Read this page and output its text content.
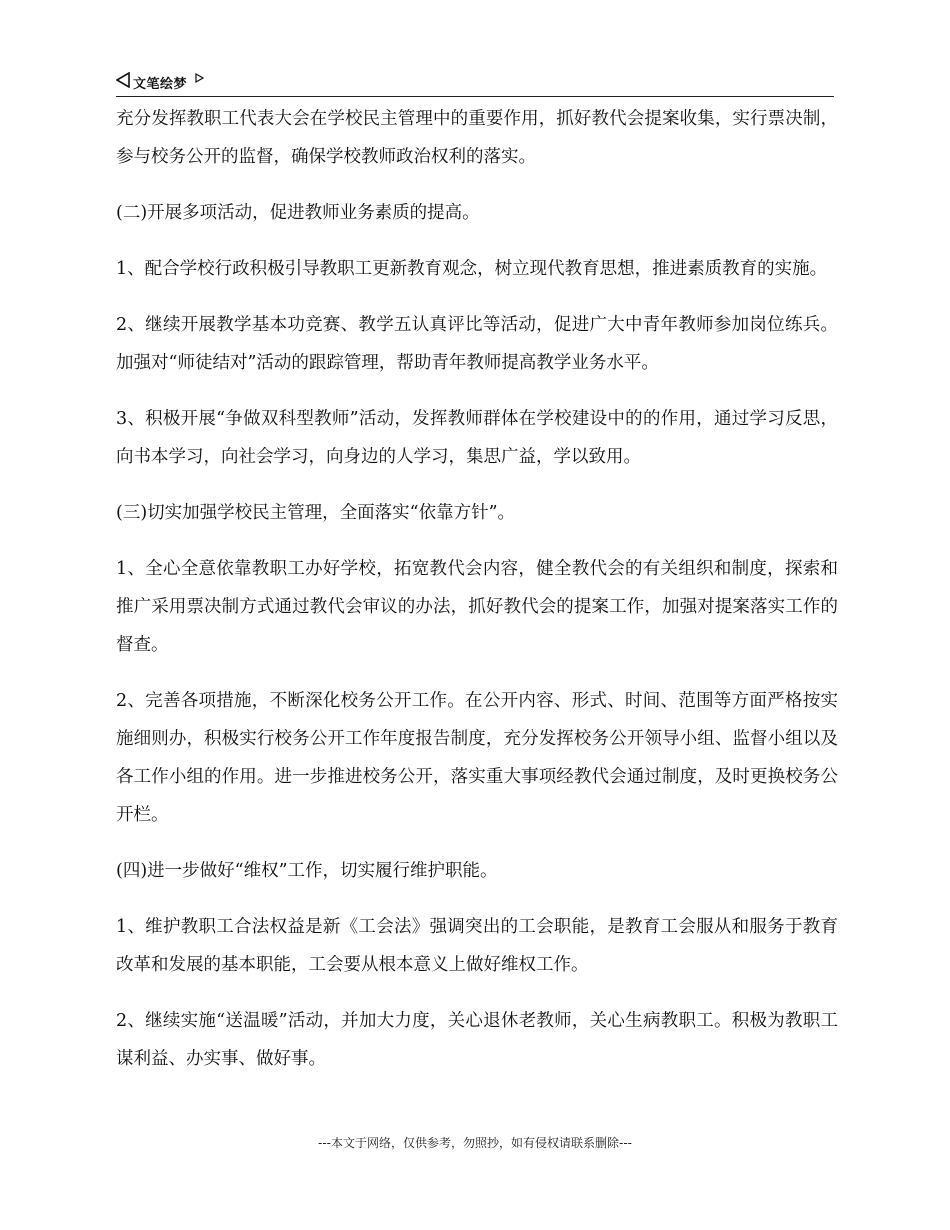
文笔绘梦

充分发挥教职工代表大会在学校民主管理中的重要作用，抓好教代会提案收集，实行票决制，参与校务公开的监督，确保学校教师政治权利的落实。

(二)开展多项活动，促进教师业务素质的提高。

1、配合学校行政积极引导教职工更新教育观念，树立现代教育思想，推进素质教育的实施。

2、继续开展教学基本功竞赛、教学五认真评比等活动，促进广大中青年教师参加岗位练兵。加强对“师徒结对”活动的跟踪管理，帮助青年教师提高教学业务水平。

3、积极开展“争做双科型教师”活动，发挥教师群体在学校建设中的的作用，通过学习反思，向书本学习，向社会学习，向身边的人学习，集思广益，学以致用。

(三)切实加强学校民主管理，全面落实“依靠方针”。

1、全心全意依靠教职工办好学校，拓宽教代会内容，健全教代会的有关组织和制度，探索和推广采用票决制方式通过教代会审议的办法，抓好教代会的提案工作，加强对提案落实工作的督查。

2、完善各项措施，不断深化校务公开工作。在公开内容、形式、时间、范围等方面严格按实施细则办，积极实行校务公开工作年度报告制度，充分发挥校务公开领导小组、监督小组以及各工作小组的作用。进一步推进校务公开，落实重大事项经教代会通过制度，及时更换校务公开栏。

(四)进一步做好“维权”工作，切实履行维护职能。

1、维护教职工合法权益是新《工会法》强调突出的工会职能，是教育工会服从和服务于教育改革和发展的基本职能，工会要从根本意义上做好维权工作。

2、继续实施“送温暖”活动，并加大力度，关心退休老教师，关心生病教职工。积极为教职工谋利益、办实事、做好事。

---本文于网络，仅供参考，勿照抄，如有侵权请联系删除---
